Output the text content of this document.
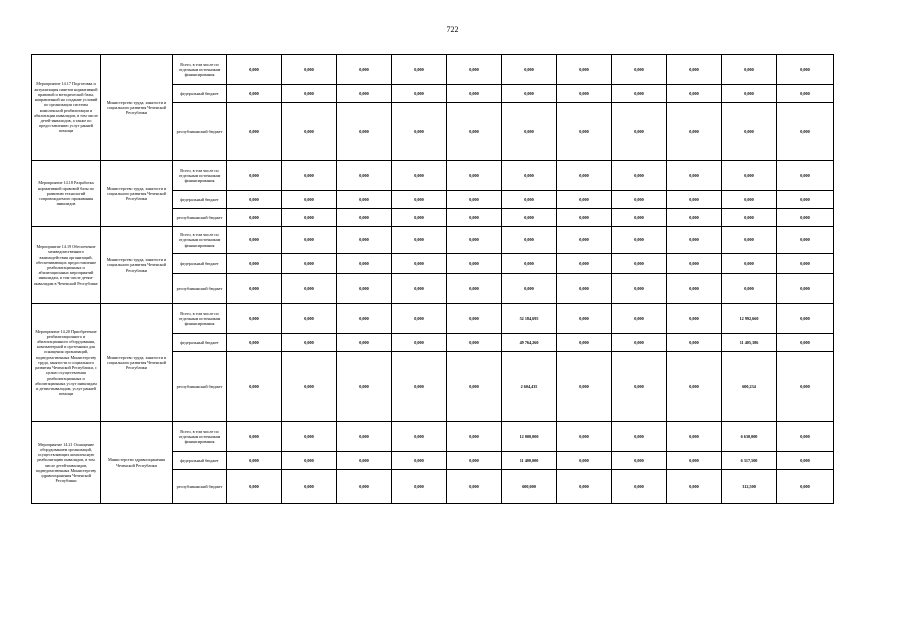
722
Мероприятие 14.17 Подготовка и актуализация пакетов нормативной правовой и методической базы, направленной на создание условий по организации системы комплексной реабилитации и абилитации инвалидов, в том числе детей-инвалидов, а также по предоставлению услуг ранней помощи	Министерство труда, занятости и социального развития Чеченской Республики	Всего, в том числе по отдельным источникам финансирования	0,000	0,000	0,000	0,000	0,000	0,000	0,000	0,000	0,000	0,000	0,000
		федеральный бюджет	0,000	0,000	0,000	0,000	0,000	0,000	0,000	0,000	0,000	0,000	0,000
		республиканский бюджет	0,000	0,000	0,000	0,000	0,000	0,000	0,000	0,000	0,000	0,000	0,000
Мероприятие 14.18 Разработка нормативной правовой базы по развитию технологий сопровождаемого проживания инвалидов	Министерство труда, занятости и социального развития Чеченской Республики	Всего, в том числе по отдельным источникам финансирования	0,000	0,000	0,000	0,000	0,000	0,000	0,000	0,000	0,000	0,000	0,000
		федеральный бюджет	0,000	0,000	0,000	0,000	0,000	0,000	0,000	0,000	0,000	0,000	0,000
		республиканский бюджет	0,000	0,000	0,000	0,000	0,000	0,000	0,000	0,000	0,000	0,000	0,000
Мероприятие 14.19 Обеспечение межведомственного взаимодействия организаций, обеспечивающих предоставление реабилитационных и абилитационных мероприятий инвалидам, в том числе детям-инвалидам в Чеченской Республике	Министерство труда, занятости и социального развития Чеченской Республики	Всего, в том числе по отдельным источникам финансирования	0,000	0,000	0,000	0,000	0,000	0,000	0,000	0,000	0,000	0,000	0,000
		федеральный бюджет	0,000	0,000	0,000	0,000	0,000	0,000	0,000	0,000	0,000	0,000	0,000
		республиканский бюджет	0,000	0,000	0,000	0,000	0,000	0,000	0,000	0,000	0,000	0,000	0,000
Мероприятие 14.20 Приобретение реабилитационного и абилитационного оборудования, компьютерной и оргтехники для оснащения организаций, подведомственных Министерству труда, занятости и социального развития Чеченской Республики, с целью осуществления реабилитационных и абилитационных услуг инвалидам и детям-инвалидам, услуг ранней помощи	Министерство труда, занятости и социального развития Чеченской Республики	Всего, в том числе по отдельным источникам финансирования	0,000	0,000	0,000	0,000	0,000	52 184,695	0,000	0,000	0,000	12 992,660	0,000
		федеральный бюджет	0,000	0,000	0,000	0,000	0,000	49 764,260	0,000	0,000	0,000	11 405,386	0,000
		республиканский бюджет	0,000	0,000	0,000	0,000	0,000	2 604,435	0,000	0,000	0,000	600,234	0,000
Мероприятие 14.21 Оснащение оборудованием организаций, осуществляющих комплексную реабилитацию инвалидов, в том числе детей-инвалидов, подведомственных Министерству здравоохранения Чеченской Республики	Министерство здравоохранения Чеченской Республики	Всего, в том числе по отдельным источникам финансирования	0,000	0,000	0,000	0,000	0,000	12 000,000	0,000	0,000	0,000	6 630,000	0,000
		федеральный бюджет	0,000	0,000	0,000	0,000	0,000	11 400,000	0,000	0,000	0,000	6 317,500	0,000
		республиканский бюджет	0,000	0,000	0,000	0,000	0,000	600,000	0,000	0,000	0,000	312,500	0,000
